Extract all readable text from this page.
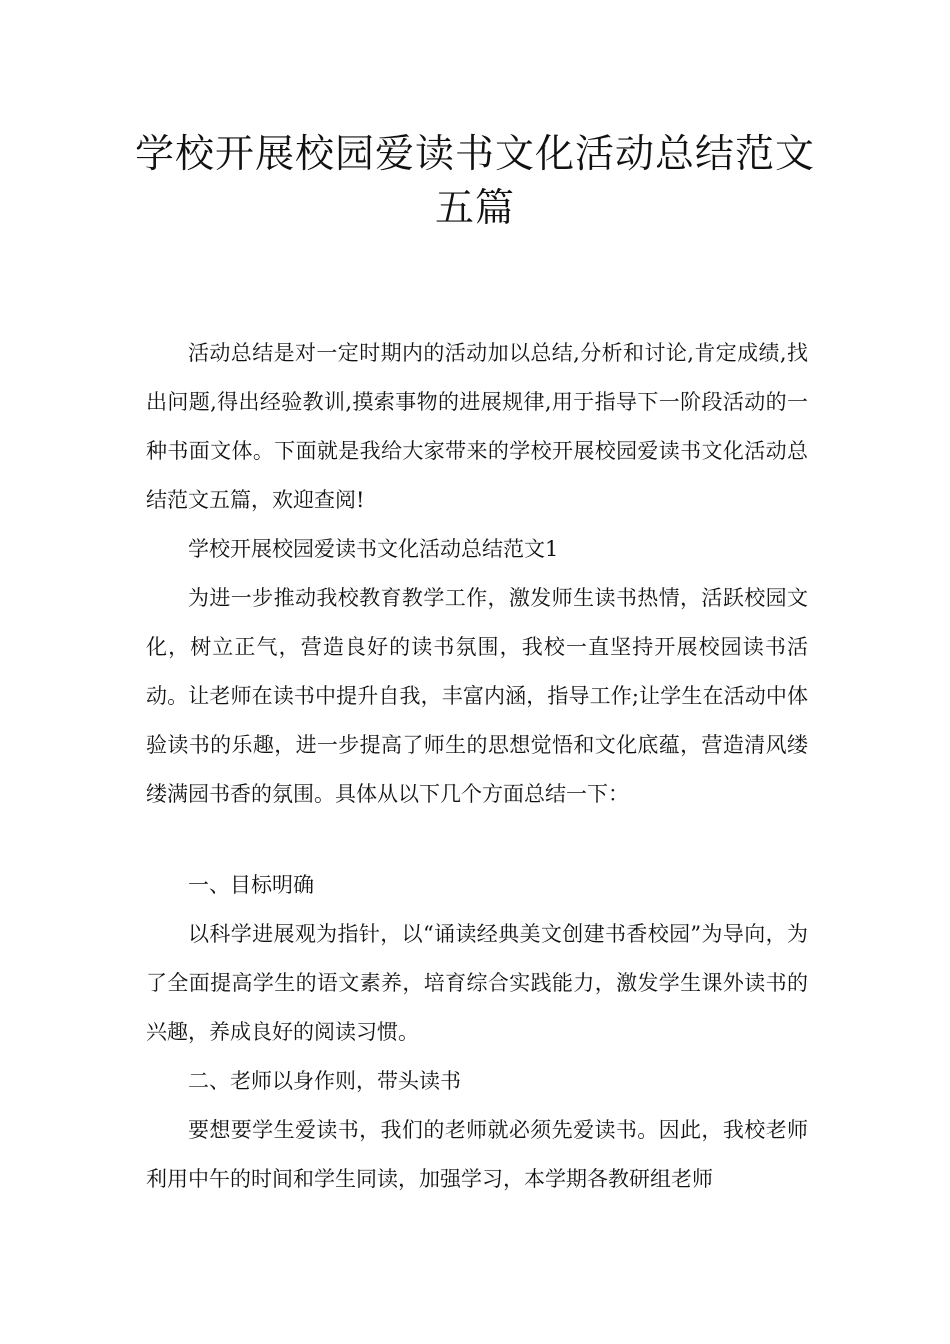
学校开展校园爱读书文化活动总结范文五篇

活动总结是对一定时期内的活动加以总结,分析和讨论,肯定成绩,找出问题,得出经验教训,摸索事物的进展规律,用于指导下一阶段活动的一种书面文体。下面就是我给大家带来的学校开展校园爱读书文化活动总结范文五篇，欢迎查阅!

学校开展校园爱读书文化活动总结范文1

为进一步推动我校教育教学工作，激发师生读书热情，活跃校园文化，树立正气，营造良好的读书氛围，我校一直坚持开展校园读书活动。让老师在读书中提升自我，丰富内涵，指导工作;让学生在活动中体验读书的乐趣，进一步提高了师生的思想觉悟和文化底蕴，营造清风缕缕满园书香的氛围。具体从以下几个方面总结一下：

一、目标明确

以科学进展观为指针，以“诵读经典美文创建书香校园”为导向，为了全面提高学生的语文素养，培育综合实践能力，激发学生课外读书的兴趣，养成良好的阅读习惯。

二、老师以身作则，带头读书

要想要学生爱读书，我们的老师就必须先爱读书。因此，我校老师利用中午的时间和学生同读，加强学习，本学期各教研组老师
